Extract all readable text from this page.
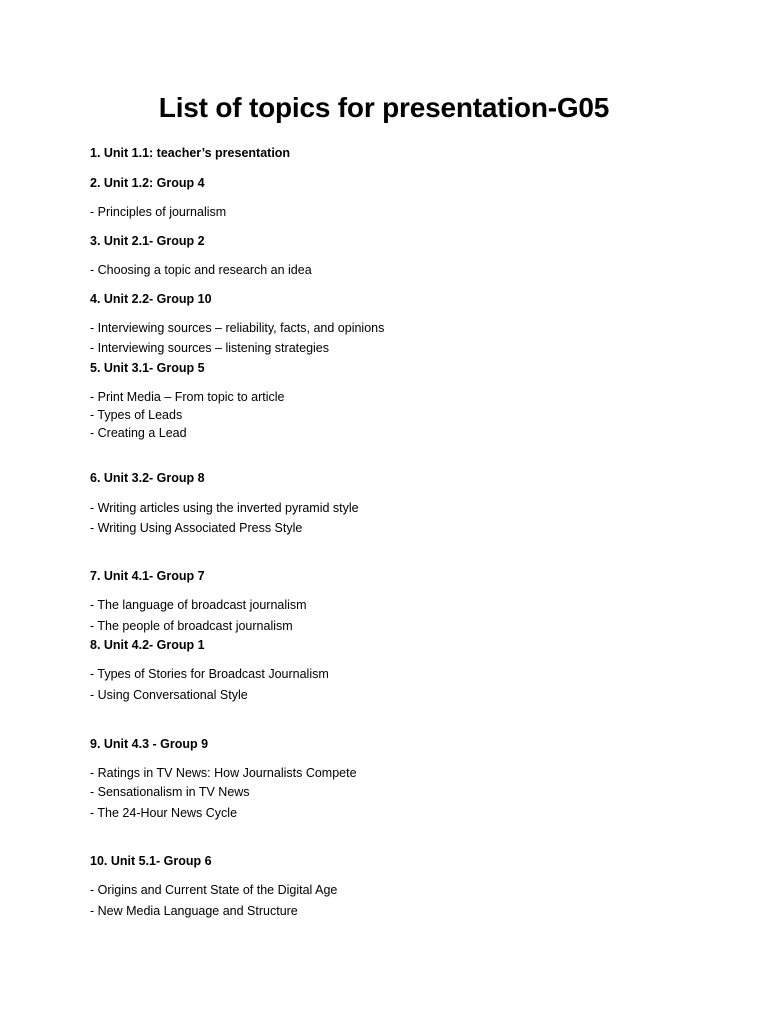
List of topics for presentation-G05
1. Unit 1.1: teacher’s presentation
2. Unit 1.2: Group 4
- Principles of journalism
3. Unit 2.1- Group 2
- Choosing a topic and research an idea
4. Unit 2.2- Group 10
- Interviewing sources – reliability, facts, and opinions
- Interviewing sources – listening strategies
5. Unit 3.1- Group 5
- Print Media – From topic to article
- Types of Leads
- Creating a Lead
6. Unit 3.2- Group 8
- Writing articles using the inverted pyramid style
- Writing Using Associated Press Style
7. Unit 4.1- Group 7
- The language of broadcast journalism
- The people of broadcast journalism
8. Unit 4.2- Group 1
- Types of Stories for Broadcast Journalism
- Using Conversational Style
9. Unit 4.3 - Group 9
- Ratings in TV News: How Journalists Compete
- Sensationalism in TV News
- The 24-Hour News Cycle
10. Unit 5.1- Group 6
- Origins and Current State of the Digital Age
- New Media Language and Structure
